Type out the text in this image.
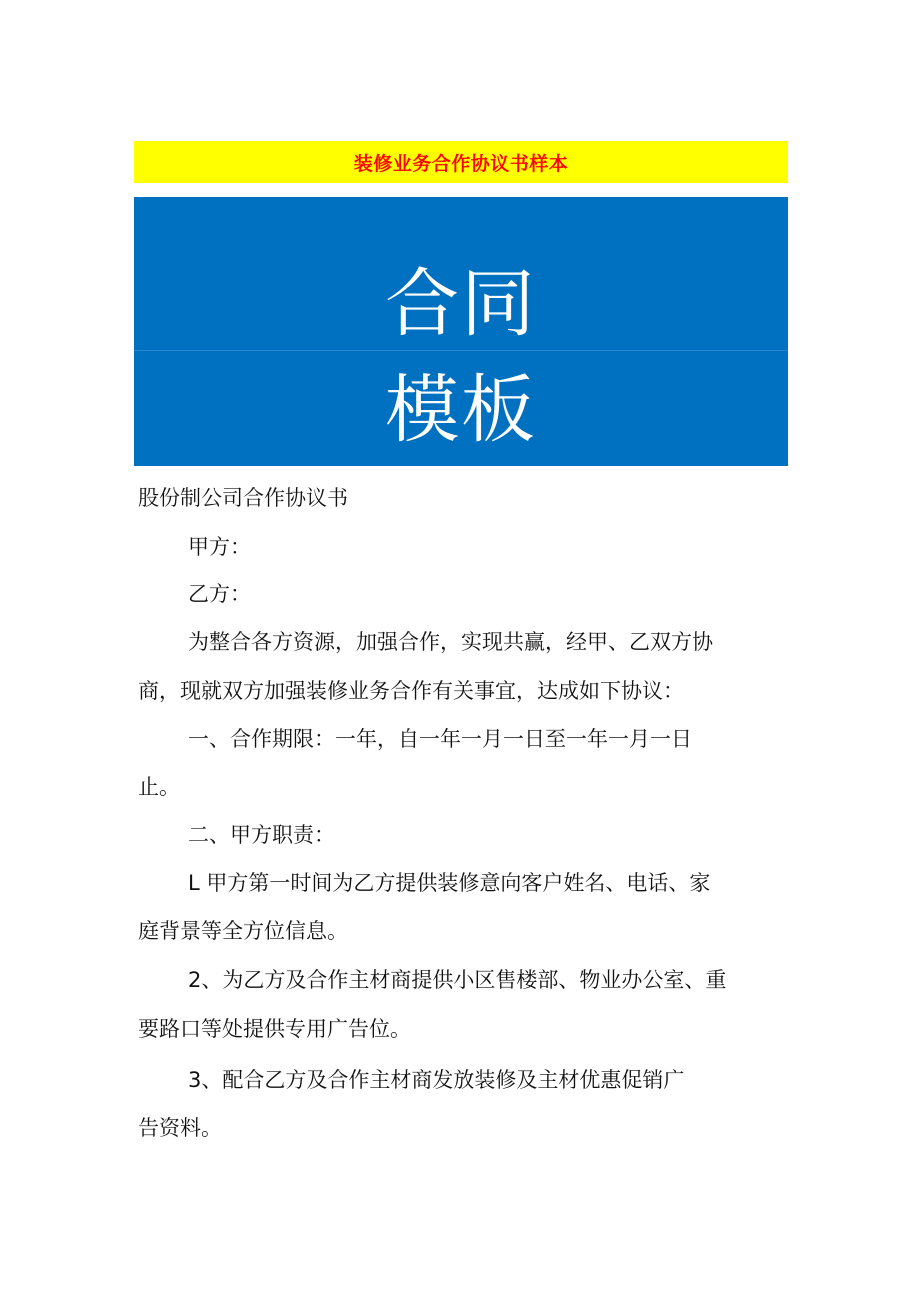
装修业务合作协议书样本
合同
模板
股份制公司合作协议书
甲方：
乙方：
为整合各方资源，加强合作，实现共赢，经甲、乙双方协
商，现就双方加强装修业务合作有关事宜，达成如下协议：
一、合作期限：一年，自一年一月一日至一年一月一日
止。
二、甲方职责：
L 甲方第一时间为乙方提供装修意向客户姓名、电话、家
庭背景等全方位信息。
2、为乙方及合作主材商提供小区售楼部、物业办公室、重
要路口等处提供专用广告位。
3、配合乙方及合作主材商发放装修及主材优惠促销广
告资料。
